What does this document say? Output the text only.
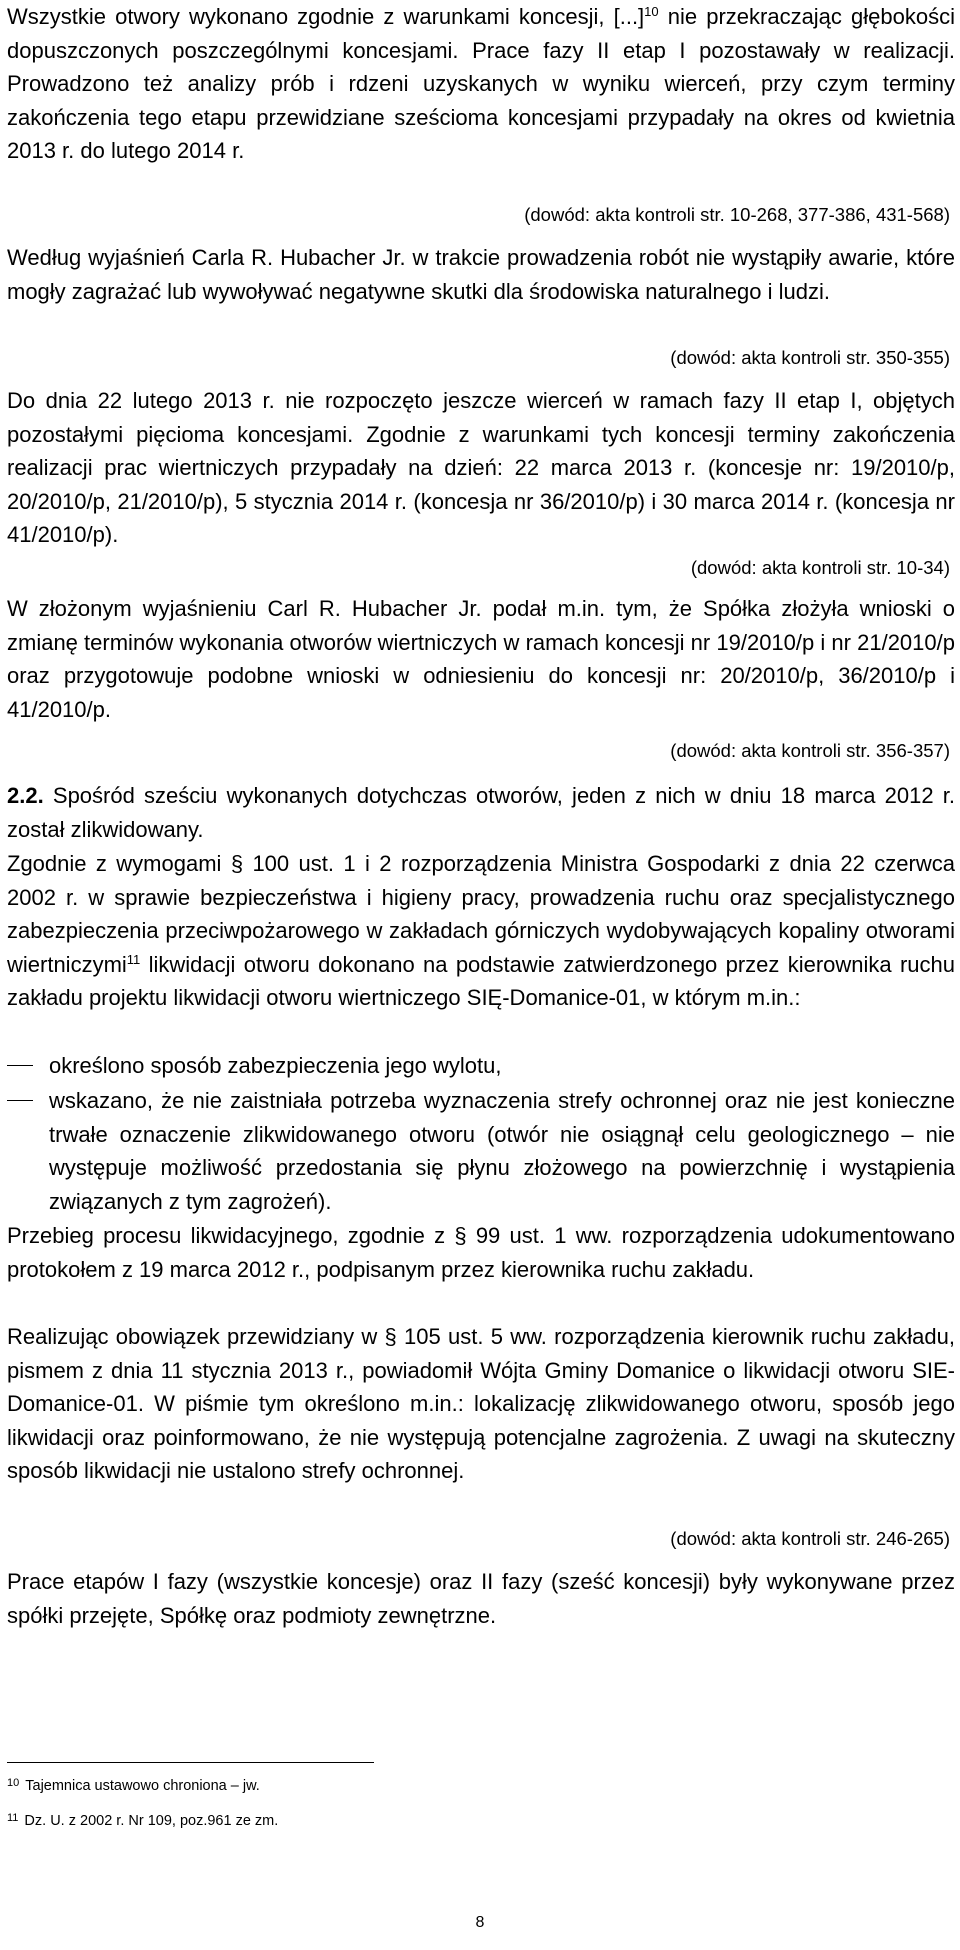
Wszystkie otwory wykonano zgodnie z warunkami koncesji, [...]$^{10}$ nie przekraczając głębokości dopuszczonych poszczególnymi koncesjami. Prace fazy II etap I pozostawały w realizacji. Prowadzono też analizy prób i rdzeni uzyskanych w wyniku wierceń, przy czym terminy zakończenia tego etapu przewidziane sześcioma koncesjami przypadały na okres od kwietnia 2013 r. do lutego 2014 r.

(dowód: akta kontroli str. 10-268, 377-386, 431-568)

Według wyjaśnień Carla R. Hubacher Jr. w trakcie prowadzenia robót nie wystąpiły awarie, które mogły zagrażać lub wywoływać negatywne skutki dla środowiska naturalnego i ludzi.

(dowód: akta kontroli str. 350-355)

Do dnia 22 lutego 2013 r. nie rozpoczęto jeszcze wierceń w ramach fazy II etap I, objętych pozostałymi pięcioma koncesjami. Zgodnie z warunkami tych koncesji terminy zakończenia realizacji prac wiertniczych przypadały na dzień: 22 marca 2013 r. (koncesje nr: 19/2010/p, 20/2010/p, 21/2010/p), 5 stycznia 2014 r. (koncesja nr 36/2010/p) i 30 marca 2014 r. (koncesja nr 41/2010/p).

(dowód: akta kontroli str. 10-34)

W złożonym wyjaśnieniu Carl R. Hubacher Jr. podał m.in. tym, że Spółka złożyła wnioski o zmianę terminów wykonania otworów wiertniczych w ramach koncesji nr 19/2010/p i nr 21/2010/p oraz przygotowuje podobne wnioski w odniesieniu do koncesji nr: 20/2010/p, 36/2010/p i 41/2010/p.

(dowód: akta kontroli str. 356-357)

2.2. Spośród sześciu wykonanych dotychczas otworów, jeden z nich w dniu 18 marca 2012 r. został zlikwidowany.

Zgodnie z wymogami § 100 ust. 1 i 2 rozporządzenia Ministra Gospodarki z dnia 22 czerwca 2002 r. w sprawie bezpieczeństwa i higieny pracy, prowadzenia ruchu oraz specjalistycznego zabezpieczenia przeciwpożarowego w zakładach górniczych wydobywających kopaliny otworami wiertniczymi$^{11}$ likwidacji otworu dokonano na podstawie zatwierdzonego przez kierownika ruchu zakładu projektu likwidacji otworu wiertniczego SIĘ-Domanice-01, w którym m.in.:

określono sposób zabezpieczenia jego wylotu,
wskazano, że nie zaistniała potrzeba wyznaczenia strefy ochronnej oraz nie jest konieczne trwałe oznaczenie zlikwidowanego otworu (otwór nie osiągnął celu geologicznego – nie występuje możliwość przedostania się płynu złożowego na powierzchnię i wystąpienia związanych z tym zagrożeń).

Przebieg procesu likwidacyjnego, zgodnie z § 99 ust. 1 ww. rozporządzenia udokumentowano protokołem z 19 marca 2012 r., podpisanym przez kierownika ruchu zakładu.

Realizując obowiązek przewidziany w § 105 ust. 5 ww. rozporządzenia kierownik ruchu zakładu, pismem z dnia 11 stycznia 2013 r., powiadomił Wójta Gminy Domanice o likwidacji otworu SIE-Domanice-01. W piśmie tym określono m.in.: lokalizację zlikwidowanego otworu, sposób jego likwidacji oraz poinformowano, że nie występują potencjalne zagrożenia. Z uwagi na skuteczny sposób likwidacji nie ustalono strefy ochronnej.

(dowód: akta kontroli str. 246-265)

Prace etapów I fazy (wszystkie koncesje) oraz II fazy (sześć koncesji) były wykonywane przez spółki przejęte, Spółkę oraz podmioty zewnętrzne.

$^{10}$ Tajemnica ustawowo chroniona – jw.
$^{11}$ Dz. U. z 2002 r. Nr 109, poz.961 ze zm.
8
